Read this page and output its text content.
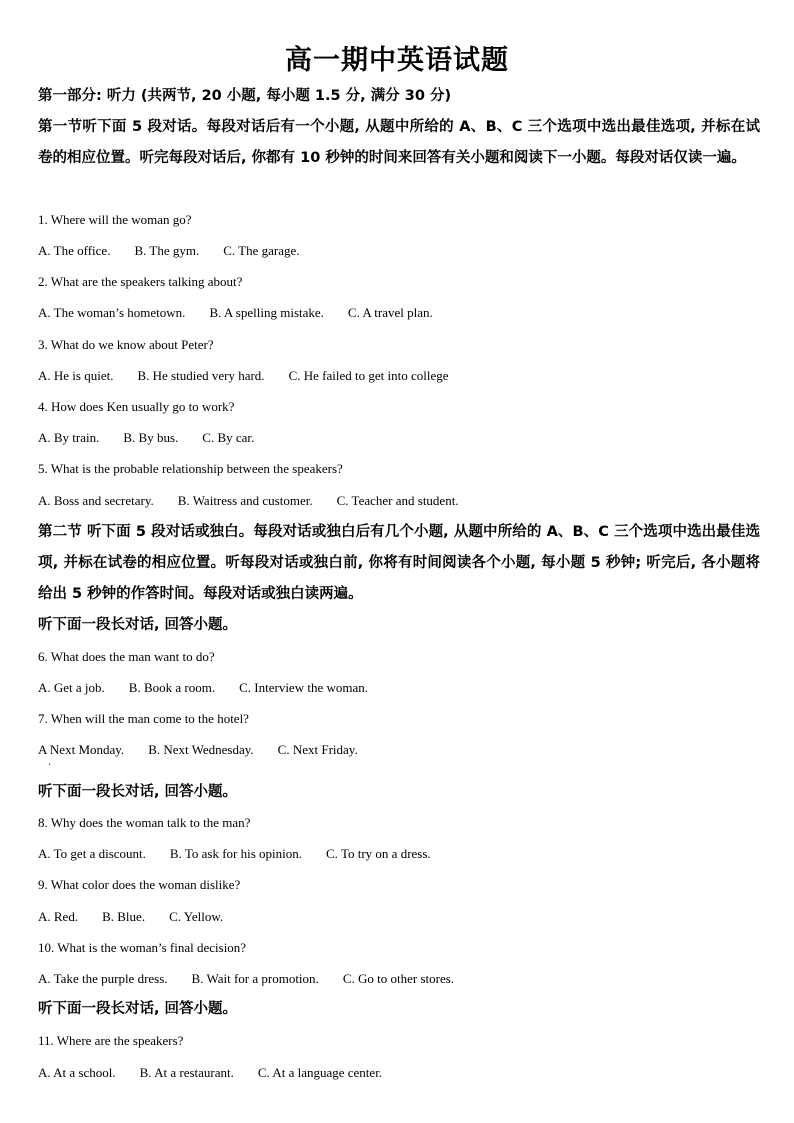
高一期中英语试题
第一部分: 听力 (共两节, 20 小题, 每小题 1.5 分, 满分 30 分)
第一节听下面 5 段对话。每段对话后有一个小题, 从题中所给的 A、B、C 三个选项中选出最佳选项, 并标在试卷的相应位置。听完每段对话后, 你都有 10 秒钟的时间来回答有关小题和阅读下一小题。每段对话仅读一遍。
1. Where will the woman go?
A. The office. B. The gym. C. The garage.
2. What are the speakers talking about?
A. The woman’s hometown. B. A spelling mistake. C. A travel plan.
3. What do we know about Peter?
A. He is quiet. B. He studied very hard. C. He failed to get into college
4. How does Ken usually go to work?
A. By train. B. By bus. C. By car.
5. What is the probable relationship between the speakers?
A. Boss and secretary. B. Waitress and customer. C. Teacher and student.
第二节 听下面 5 段对话或独白。每段对话或独白后有几个小题, 从题中所给的 A、B、C 三个选项中选出最佳选项, 并标在试卷的相应位置。听每段对话或独白前, 你将有时间阅读各个小题, 每小题 5 秒钟; 听完后, 各小题将给出 5 秒钟的作答时间。每段对话或独白读两遍。
听下面一段长对话, 回答小题。
6. What does the man want to do?
A. Get a job. B. Book a room. C. Interview the woman.
7. When will the man come to the hotel?
A Next Monday. B. Next Wednesday. C. Next Friday.
·
听下面一段长对话, 回答小题。
8. Why does the woman talk to the man?
A. To get a discount. B. To ask for his opinion. C. To try on a dress.
9. What color does the woman dislike?
A. Red. B. Blue. C. Yellow.
10. What is the woman’s final decision?
A. Take the purple dress. B. Wait for a promotion. C. Go to other stores.
听下面一段长对话, 回答小题。
11. Where are the speakers?
A. At a school. B. At a restaurant. C. At a language center.
